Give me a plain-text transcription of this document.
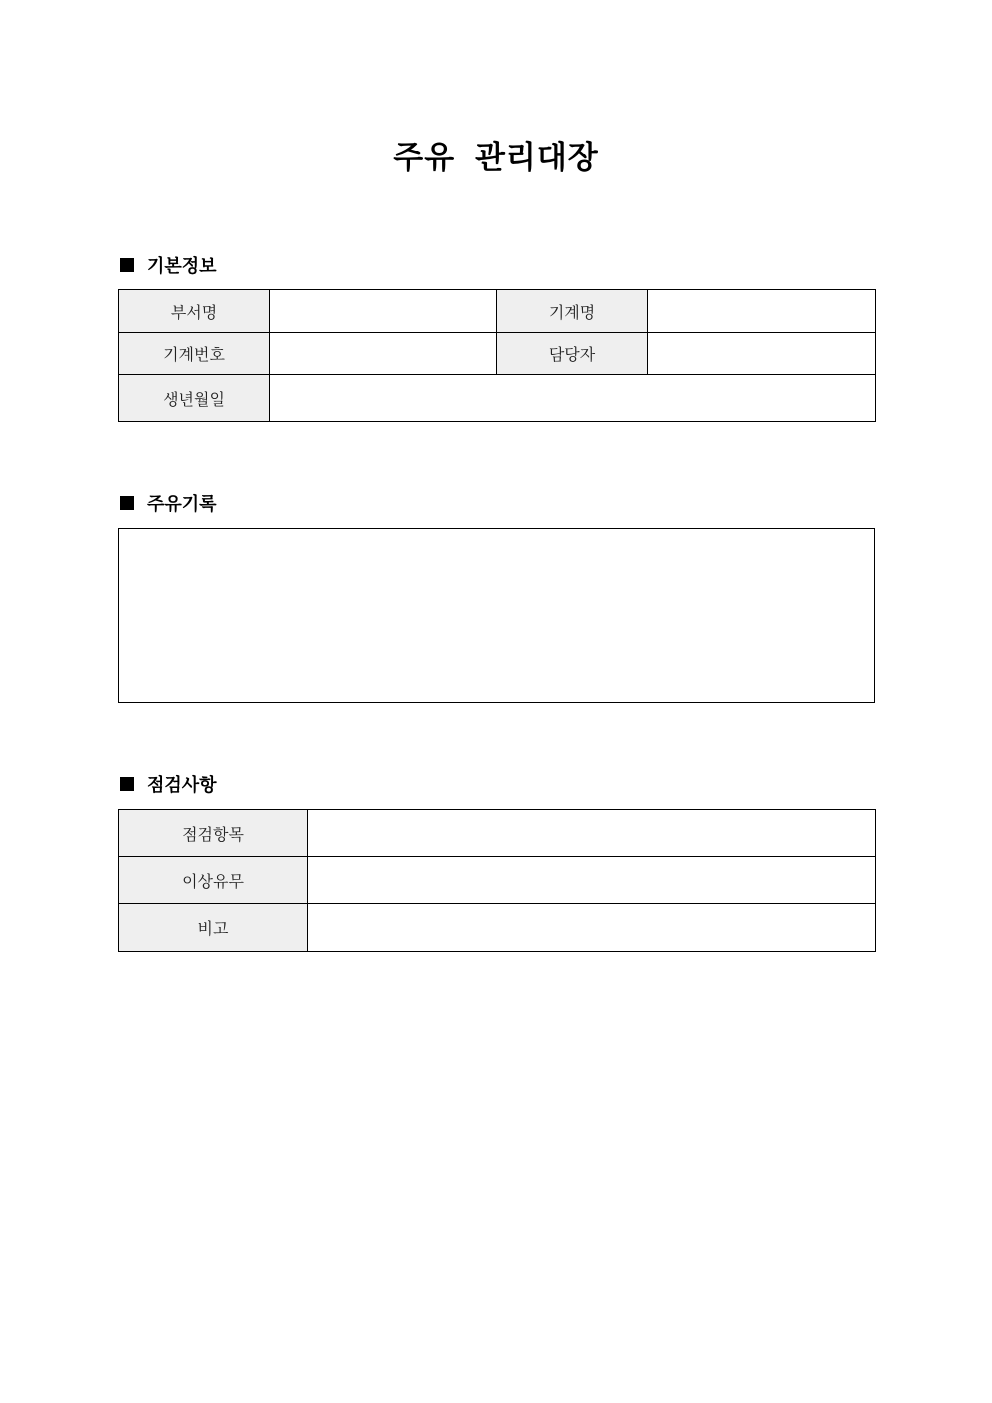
주유 관리대장
기본정보
부서명		기계명	
기계번호		담당자	
생년월일			
주유기록
점검사항
점검항목	
이상유무	
비고	
